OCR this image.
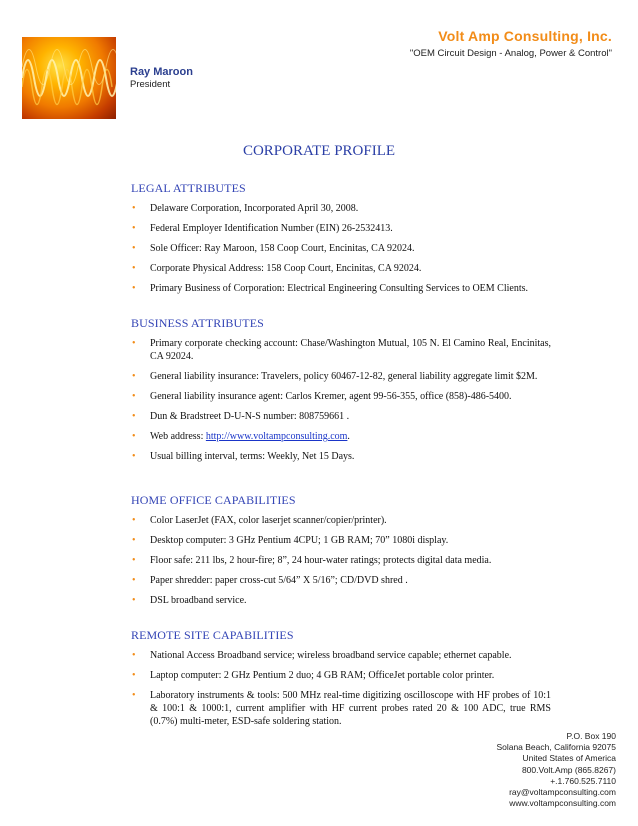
Volt Amp Consulting, Inc.
"OEM Circuit Design - Analog, Power & Control"
Ray Maroon
President
CORPORATE PROFILE
LEGAL ATTRIBUTES
• Delaware Corporation, Incorporated April 30, 2008.
• Federal Employer Identification Number (EIN) 26-2532413.
• Sole Officer: Ray Maroon, 158 Coop Court, Encinitas, CA 92024.
• Corporate Physical Address: 158 Coop Court, Encinitas, CA 92024.
• Primary Business of Corporation: Electrical Engineering Consulting Services to OEM Clients.
BUSINESS ATTRIBUTES
• Primary corporate checking account: Chase/Washington Mutual, 105 N. El Camino Real, Encinitas, CA 92024.
• General liability insurance: Travelers, policy 60467-12-82, general liability aggregate limit $2M.
• General liability insurance agent: Carlos Kremer, agent 99-56-355, office (858)-486-5400.
• Dun & Bradstreet D-U-N-S number: 808759661 .
• Web address: http://www.voltampconsulting.com.
• Usual billing interval, terms: Weekly, Net 15 Days.
HOME OFFICE CAPABILITIES
• Color LaserJet (FAX, color laserjet scanner/copier/printer).
• Desktop computer: 3 GHz Pentium 4CPU; 1 GB RAM; 70” 1080i display.
• Floor safe: 211 lbs, 2 hour-fire; 8”, 24 hour-water ratings; protects digital data media.
• Paper shredder: paper cross-cut 5/64” X 5/16”; CD/DVD shred .
• DSL broadband service.
REMOTE SITE CAPABILITIES
• National Access Broadband service; wireless broadband service capable; ethernet capable.
• Laptop computer: 2 GHz Pentium 2 duo; 4 GB RAM; OfficeJet portable color printer.
• Laboratory instruments & tools: 500 MHz real-time digitizing oscilloscope with HF probes of 10:1 & 100:1 & 1000:1, current amplifier with HF current probes rated 20 & 100 ADC, true RMS (0.7%) multi-meter, ESD-safe soldering station.
P.O. Box 190
Solana Beach, California 92075
United States of America
800.Volt.Amp (865.8267)
+.1.760.525.7110
ray@voltampconsulting.com
www.voltampconsulting.com
